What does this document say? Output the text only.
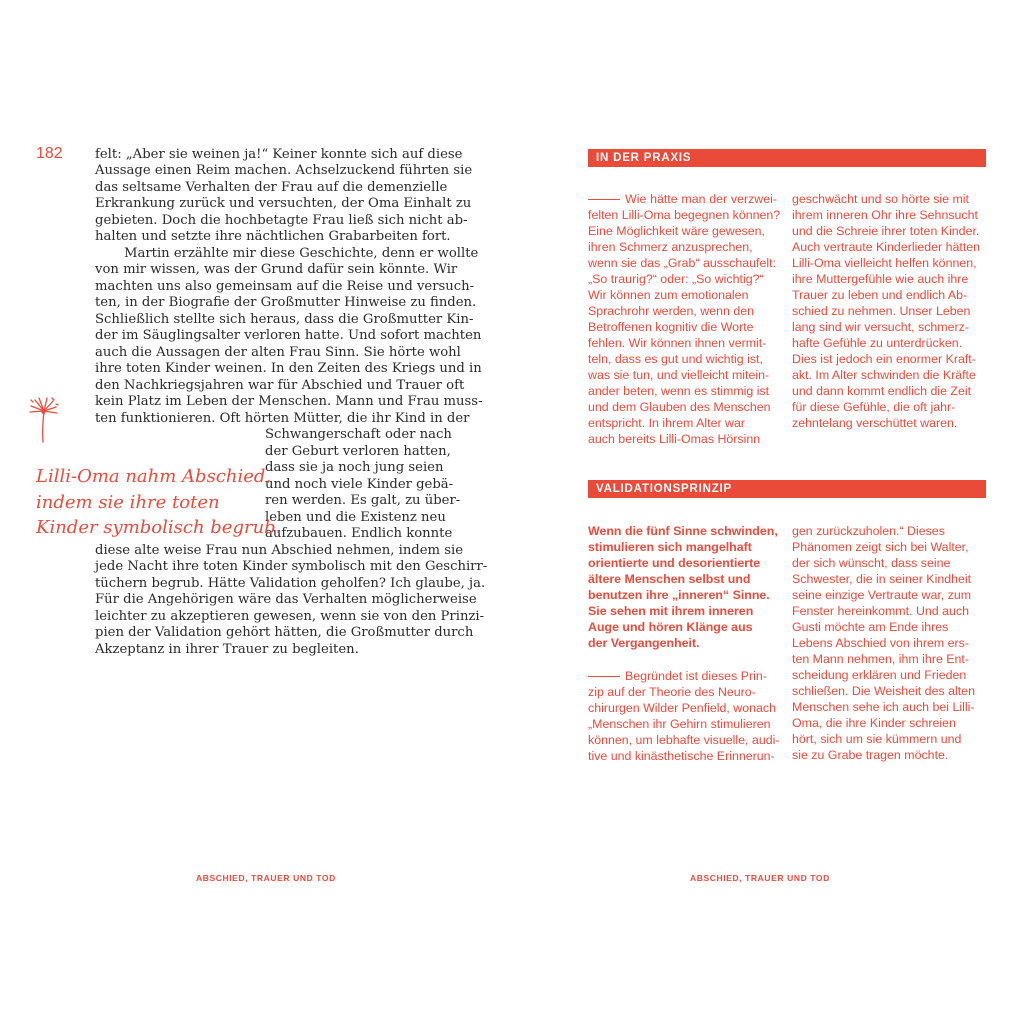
182 felt: „Aber sie weinen ja!“ Keiner konnte sich auf diese
Aussage einen Reim machen. Achselzuckend führten sie
das seltsame Verhalten der Frau auf die demenzielle
Erkrankung zurück und versuchten, der Oma Einhalt zu
gebieten. Doch die hochbetagte Frau ließ sich nicht ab-
halten und setzte ihre nächtlichen Grabarbeiten fort.
Martin erzählte mir diese Geschichte, denn er wollte
von mir wissen, was der Grund dafür sein könnte. Wir
machten uns also gemeinsam auf die Reise und versuch-
ten, in der Biografie der Großmutter Hinweise zu finden.
Schließlich stellte sich heraus, dass die Großmutter Kin-
der im Säuglingsalter verloren hatte. Und sofort machten
auch die Aussagen der alten Frau Sinn. Sie hörte wohl
ihre toten Kinder weinen. In den Zeiten des Kriegs und in
den Nachkriegsjahren war für Abschied und Trauer oft
kein Platz im Leben der Menschen. Mann und Frau muss-
ten funktionieren. Oft hörten Mütter, die ihr Kind in der
Schwangerschaft oder nach
der Geburt verloren hatten,
dass sie ja noch jung seien
und noch viele Kinder gebä-
ren werden. Es galt, zu über-
leben und die Existenz neu
aufzubauen. Endlich konnte
diese alte weise Frau nun Abschied nehmen, indem sie
jede Nacht ihre toten Kinder symbolisch mit den Geschirr-
tüchern begrub. Hätte Validation geholfen? Ich glaube, ja.
Für die Angehörigen wäre das Verhalten möglicherweise
leichter zu akzeptieren gewesen, wenn sie von den Prinzi-
pien der Validation gehört hätten, die Großmutter durch
Akzeptanz in ihrer Trauer zu begleiten.
Lilli-Oma nahm Abschied,
indem sie ihre toten
Kinder symbolisch begrub.
ABSCHIED, TRAUER UND TOD
IN DER PRAXIS
Wie hätte man der verzwei-
felten Lilli-Oma begegnen können?
Eine Möglichkeit wäre gewesen,
ihren Schmerz anzusprechen,
wenn sie das „Grab“ ausschaufelt:
„So traurig?“ oder: „So wichtig?“
Wir können zum emotionalen
Sprachrohr werden, wenn den
Betroffenen kognitiv die Worte
fehlen. Wir können ihnen vermit-
teln, dass es gut und wichtig ist,
was sie tun, und vielleicht mitein-
ander beten, wenn es stimmig ist
und dem Glauben des Menschen
entspricht. In ihrem Alter war
auch bereits Lilli-Omas Hörsinn
geschwächt und so hörte sie mit
ihrem inneren Ohr ihre Sehnsucht
und die Schreie ihrer toten Kinder.
Auch vertraute Kinderlieder hätten
Lilli-Oma vielleicht helfen können,
ihre Muttergefühle wie auch ihre
Trauer zu leben und endlich Ab-
schied zu nehmen. Unser Leben
lang sind wir versucht, schmerz-
hafte Gefühle zu unterdrücken.
Dies ist jedoch ein enormer Kraft-
akt. Im Alter schwinden die Kräfte
und dann kommt endlich die Zeit
für diese Gefühle, die oft jahr-
zehntelang verschüttet waren.
VALIDATIONSPRINZIP
Wenn die fünf Sinne schwinden,
stimulieren sich mangelhaft
orientierte und desorientierte
ältere Menschen selbst und
benutzen ihre „inneren“ Sinne.
Sie sehen mit ihrem inneren
Auge und hören Klänge aus
der Vergangenheit.
Begründet ist dieses Prin-
zip auf der Theorie des Neuro-
chirurgen Wilder Penfield, wonach
„Menschen ihr Gehirn stimulieren
können, um lebhafte visuelle, audi-
tive und kinästhetische Erinnerun-
gen zurückzuholen.“ Dieses
Phänomen zeigt sich bei Walter,
der sich wünscht, dass seine
Schwester, die in seiner Kindheit
seine einzige Vertraute war, zum
Fenster hereinkommt. Und auch
Gusti möchte am Ende ihres
Lebens Abschied von ihrem ers-
ten Mann nehmen, ihm ihre Ent-
scheidung erklären und Frieden
schließen. Die Weisheit des alten
Menschen sehe ich auch bei Lilli-
Oma, die ihre Kinder schreien
hört, sich um sie kümmern und
sie zu Grabe tragen möchte.
ABSCHIED, TRAUER UND TOD
